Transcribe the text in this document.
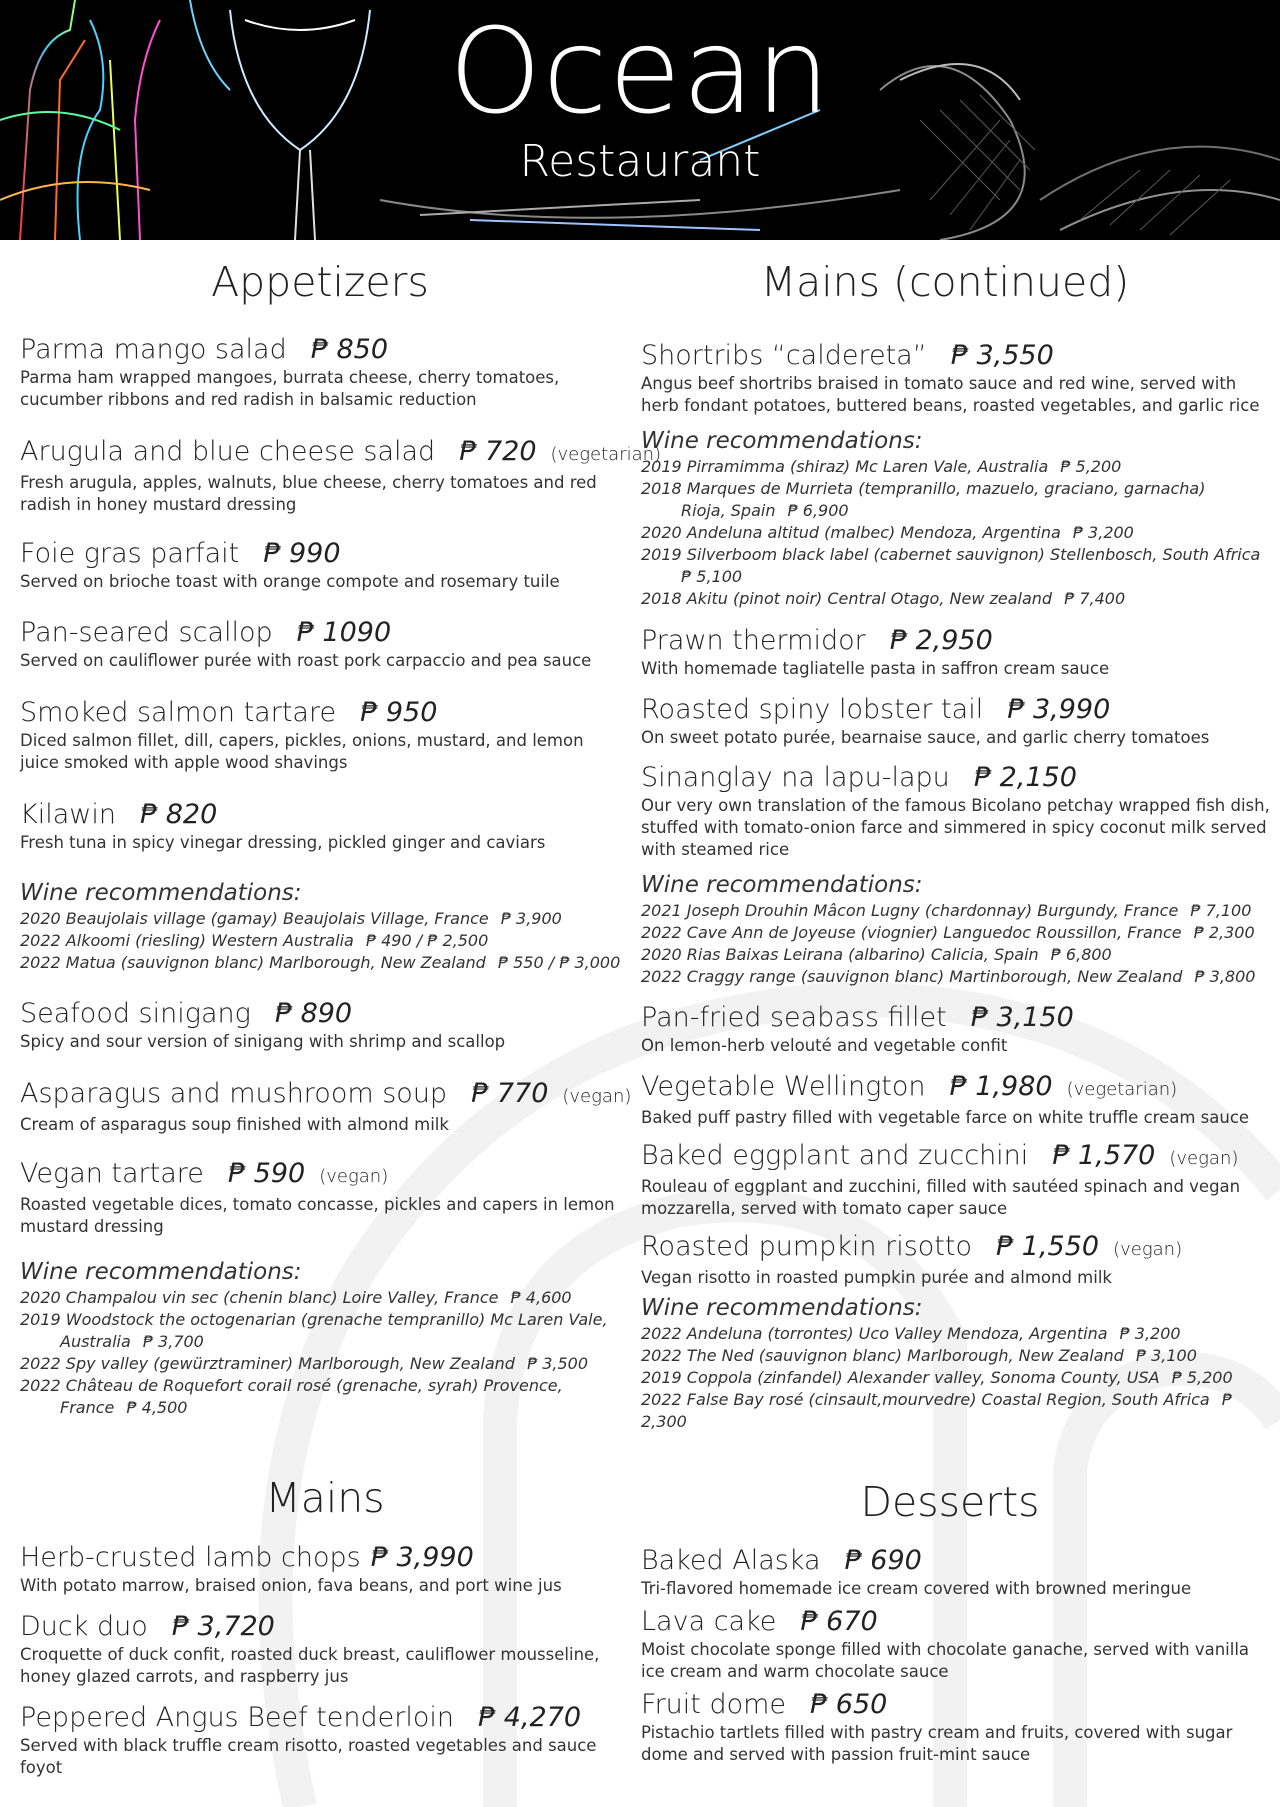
Ocean
Restaurant
Appetizers
Parma mango salad ₱ 850
Parma ham wrapped mangoes, burrata cheese, cherry tomatoes, cucumber ribbons and red radish in balsamic reduction
Arugula and blue cheese salad ₱ 720 (vegetarian)
Fresh arugula, apples, walnuts, blue cheese, cherry tomatoes and red radish in honey mustard dressing
Foie gras parfait ₱ 990
Served on brioche toast with orange compote and rosemary tuile
Pan-seared scallop ₱ 1090
Served on cauliflower purée with roast pork carpaccio and pea sauce
Smoked salmon tartare ₱ 950
Diced salmon fillet, dill, capers, pickles, onions, mustard, and lemon juice smoked with apple wood shavings
Kilawin ₱ 820
Fresh tuna in spicy vinegar dressing, pickled ginger and caviars
Wine recommendations:
2020 Beaujolais village (gamay) Beaujolais Village, France ₱ 3,900
2022 Alkoomi (riesling) Western Australia ₱ 490 / ₱ 2,500
2022 Matua (sauvignon blanc) Marlborough, New Zealand ₱ 550 / ₱ 3,000
Seafood sinigang ₱ 890
Spicy and sour version of sinigang with shrimp and scallop
Asparagus and mushroom soup ₱ 770 (vegan)
Cream of asparagus soup finished with almond milk
Vegan tartare ₱ 590 (vegan)
Roasted vegetable dices, tomato concasse, pickles and capers in lemon mustard dressing
Wine recommendations:
2020 Champalou vin sec (chenin blanc) Loire Valley, France ₱ 4,600
2019 Woodstock the octogenarian (grenache tempranillo) Mc Laren Vale,
Australia ₱ 3,700
2022 Spy valley (gewürztraminer) Marlborough, New Zealand ₱ 3,500
2022 Château de Roquefort corail rosé (grenache, syrah) Provence,
France ₱ 4,500
Mains
Herb-crusted lamb chops ₱ 3,990
With potato marrow, braised onion, fava beans, and port wine jus
Duck duo ₱ 3,720
Croquette of duck confit, roasted duck breast, cauliflower mousseline, honey glazed carrots, and raspberry jus
Peppered Angus Beef tenderloin ₱ 4,270
Served with black truffle cream risotto, roasted vegetables and sauce foyot
Mains (continued)
Shortribs “caldereta” ₱ 3,550
Angus beef shortribs braised in tomato sauce and red wine, served with herb fondant potatoes, buttered beans, roasted vegetables, and garlic rice
Wine recommendations:
2019 Pirramimma (shiraz) Mc Laren Vale, Australia ₱ 5,200
2018 Marques de Murrieta (tempranillo, mazuelo, graciano, garnacha)
Rioja, Spain ₱ 6,900
2020 Andeluna altitud (malbec) Mendoza, Argentina ₱ 3,200
2019 Silverboom black label (cabernet sauvignon) Stellenbosch, South Africa
₱ 5,100
2018 Akitu (pinot noir) Central Otago, New zealand ₱ 7,400
Prawn thermidor ₱ 2,950
With homemade tagliatelle pasta in saffron cream sauce
Roasted spiny lobster tail ₱ 3,990
On sweet potato purée, bearnaise sauce, and garlic cherry tomatoes
Sinanglay na lapu-lapu ₱ 2,150
Our very own translation of the famous Bicolano petchay wrapped fish dish, stuffed with tomato-onion farce and simmered in spicy coconut milk served with steamed rice
Wine recommendations:
2021 Joseph Drouhin Mâcon Lugny (chardonnay) Burgundy, France ₱ 7,100
2022 Cave Ann de Joyeuse (viognier) Languedoc Roussillon, France ₱ 2,300
2020 Rias Baixas Leirana (albarino) Calicia, Spain ₱ 6,800
2022 Craggy range (sauvignon blanc) Martinborough, New Zealand ₱ 3,800
Pan-fried seabass fillet ₱ 3,150
On lemon-herb velouté and vegetable confit
Vegetable Wellington ₱ 1,980 (vegetarian)
Baked puff pastry filled with vegetable farce on white truffle cream sauce
Baked eggplant and zucchini ₱ 1,570 (vegan)
Rouleau of eggplant and zucchini, filled with sautéed spinach and vegan mozzarella, served with tomato caper sauce
Roasted pumpkin risotto ₱ 1,550 (vegan)
Vegan risotto in roasted pumpkin purée and almond milk
Wine recommendations:
2022 Andeluna (torrontes) Uco Valley Mendoza, Argentina ₱ 3,200
2022 The Ned (sauvignon blanc) Marlborough, New Zealand ₱ 3,100
2019 Coppola (zinfandel) Alexander valley, Sonoma County, USA ₱ 5,200
2022 False Bay rosé (cinsault,mourvedre) Coastal Region, South Africa ₱ 2,300
Desserts
Baked Alaska ₱ 690
Tri-flavored homemade ice cream covered with browned meringue
Lava cake ₱ 670
Moist chocolate sponge filled with chocolate ganache, served with vanilla ice cream and warm chocolate sauce
Fruit dome ₱ 650
Pistachio tartlets filled with pastry cream and fruits, covered with sugar dome and served with passion fruit-mint sauce
